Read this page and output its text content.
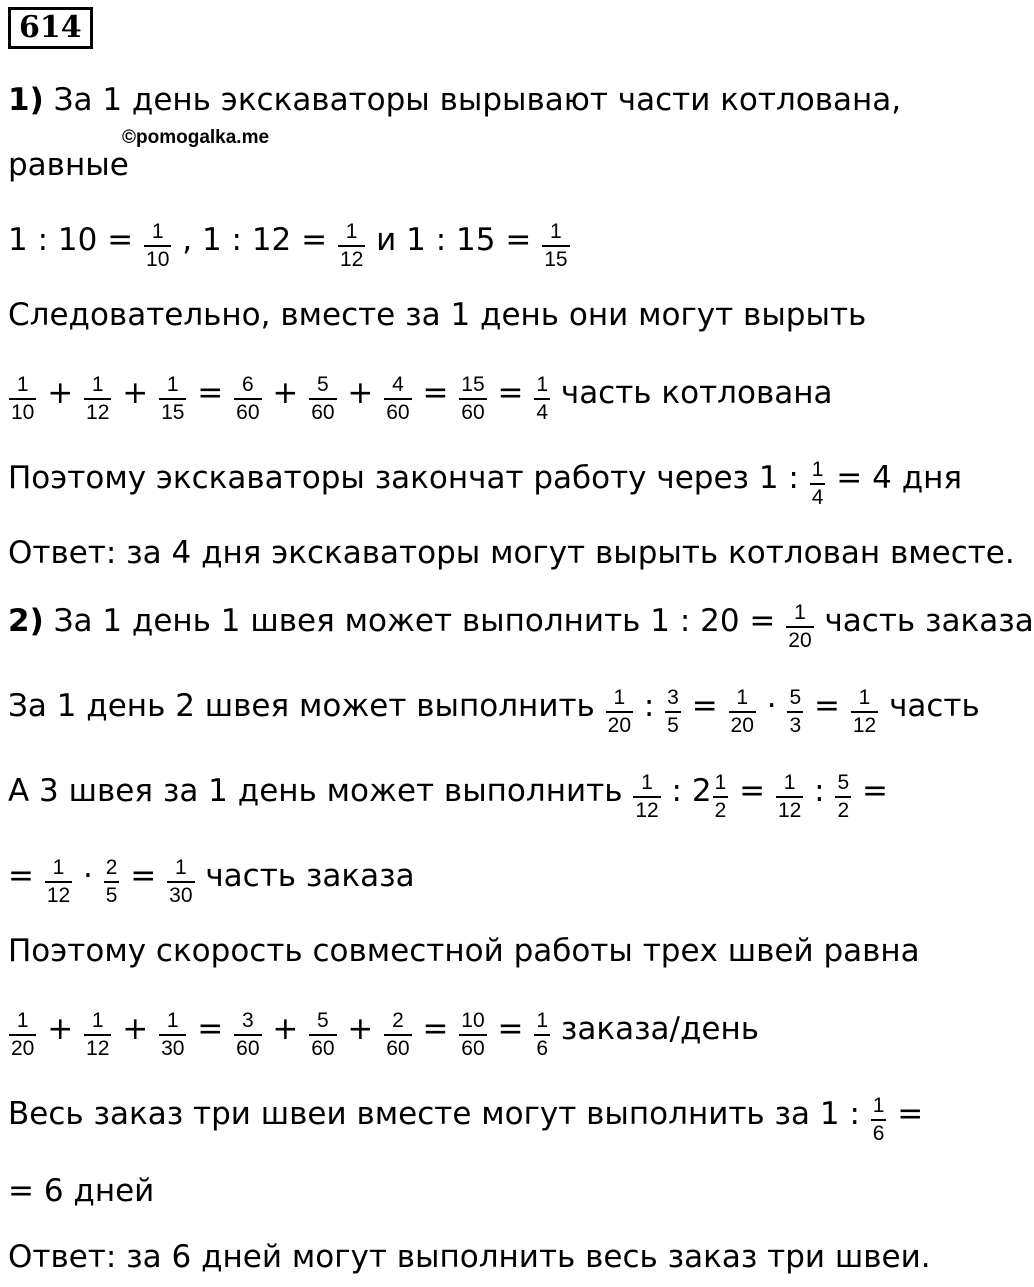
614
1) За 1 день экскаваторы вырывают части котлована,
©pomogalka.me
равные
1 : $10 = \frac{1}{10}$ , 1 : $12 = \frac{1}{12}$ и 1 : $15 = \frac{1}{15}$
Следовательно, вместе за 1 день они могут вырыть
$\frac{1}{10} + \frac{1}{12} + \frac{1}{15} = \frac{6}{60} + \frac{5}{60} + \frac{4}{60} = \frac{15}{60} = \frac{1}{4}$ часть котлована
Поэтому экскаваторы закончат работу через 1 : $\frac{1}{4} = 4$ дня
Ответ: за 4 дня экскаваторы могут вырыть котлован вместе.
2) За 1 день 1 швея может выполнить 1 : $20 = \frac{1}{20}$ часть заказа
За 1 день 2 швея может выполнить $\frac{1}{20}$ : $\frac{3}{5} = \frac{1}{20} \cdot \frac{5}{3} = \frac{1}{12}$ часть
А 3 швея за 1 день может выполнить $\frac{1}{12}$ : $2 \frac{1}{2} = \frac{1}{12}$ : $\frac{5}{2}$ =
= $\frac{1}{12} \cdot \frac{2}{5} = \frac{1}{30}$ часть заказа
Поэтому скорость совместной работы трех швей равна
$\frac{1}{20} + \frac{1}{12} + \frac{1}{30} = \frac{3}{60} + \frac{5}{60} + \frac{2}{60} = \frac{10}{60} = \frac{1}{6}$ заказа/день
Весь заказ три швеи вместе могут выполнить за 1 : $\frac{1}{6}$ =
= 6 дней
Ответ: за 6 дней могут выполнить весь заказ три швеи.
